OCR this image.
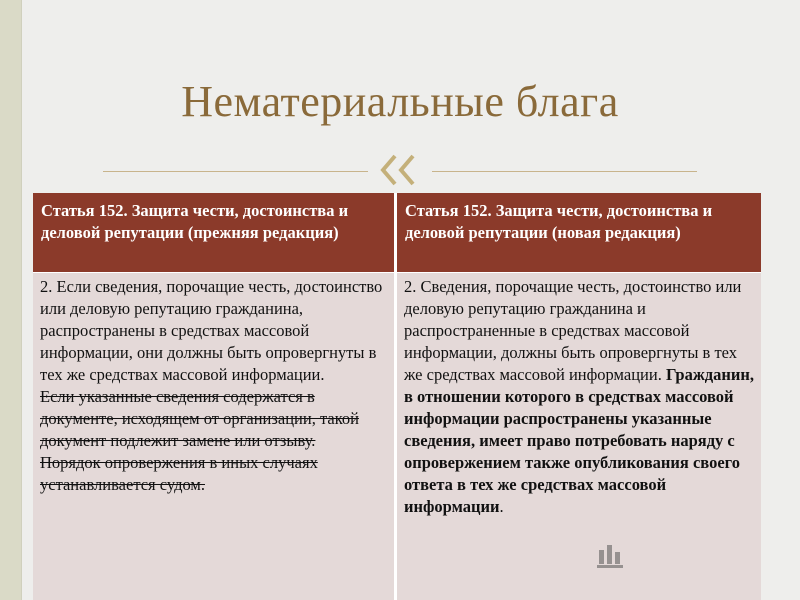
Нематериальные блага
Статья 152. Защита чести, достоинства и деловой репутации (прежняя редакция)
Статья 152. Защита чести, достоинства и деловой репутации (новая редакция)
2. Если сведения, порочащие честь, достоинство или деловую репутацию гражданина, распространены в средствах массовой информации, они должны быть опровергнуты в тех же средствах массовой информации.
Если указанные сведения содержатся в документе, исходящем от организации, такой документ подлежит замене или отзыву.
Порядок опровержения в иных случаях устанавливается судом.
2. Сведения, порочащие честь, достоинство или деловую репутацию гражданина и распространенные в средствах массовой информации, должны быть опровергнуты в тех же средствах массовой информации. Гражданин, в отношении которого в средствах массовой информации распространены указанные сведения, имеет право потребовать наряду с опровержением также опубликования своего ответа в тех же средствах массовой информации.
